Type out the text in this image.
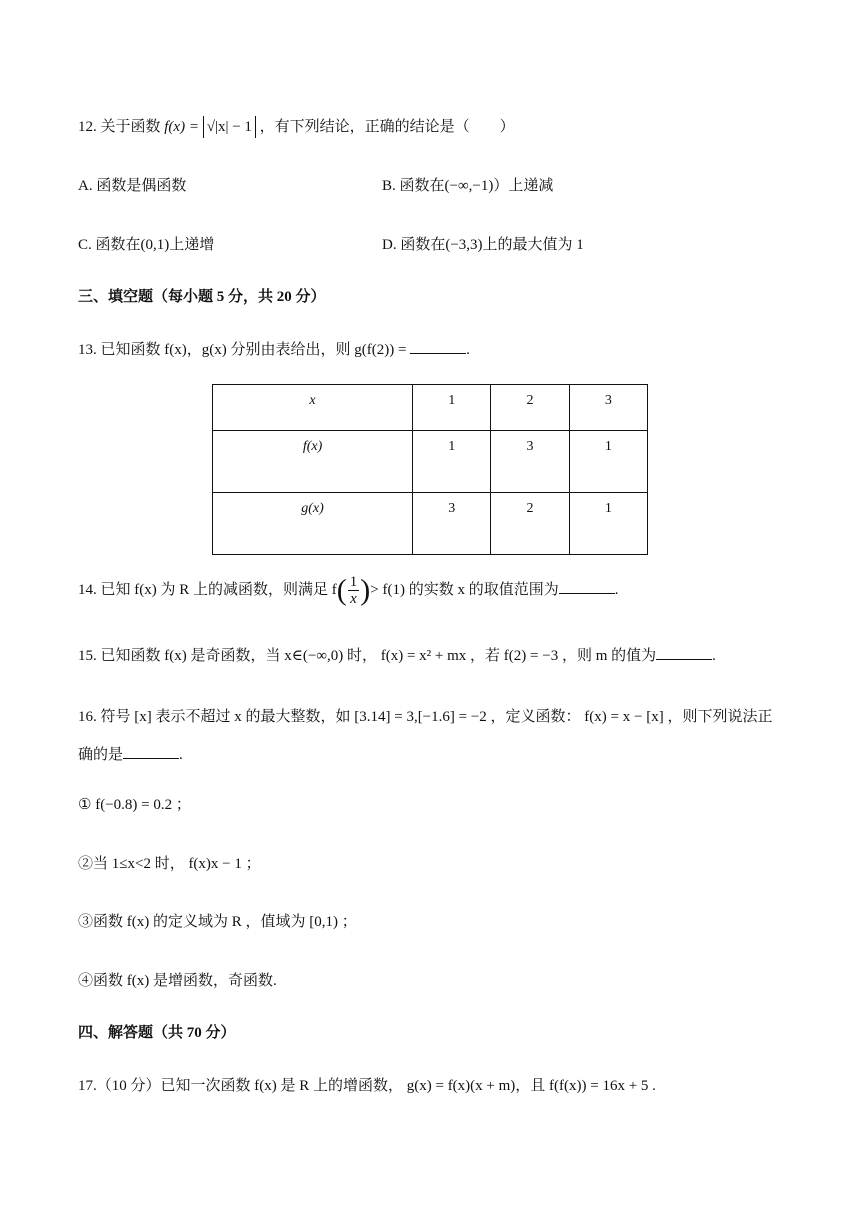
12. 关于函数 f(x) = √|x| − 1 ，有下列结论，正确的结论是（　　）
A. 函数是偶函数	B. 函数在(−∞,−1)）上递减
C. 函数在(0,1)上递增	D. 函数在(−3,3)上的最大值为 1
三、填空题（每小题 5 分，共 20 分）
13. 已知函数 f(x)，g(x) 分别由表给出，则 g(f(2)) =	.
x	1	2	3
f(x)	1	3	1
g(x)	3	2	1
14. 已知 f(x) 为 R 上的减函数，则满足 $f( \frac{1}{x}$ )> f(1) 的实数 x 的取值范围为	.
15. 已知函数 f(x) 是奇函数，当 x∈(−∞,0) 时， f(x) = x² + mx ，若 f(2) = −3 ，则 m 的值为	.
16. 符号 [x] 表示不超过 x 的最大整数，如 [3.14] = 3,[−1.6] = −2 ，定义函数： f(x) = x − [x] ，则下列说法正
确的是	.
① f(−0.8) = 0.2 ；
②当 1≤x<2 时， f(x)x − 1 ；
③函数 f(x) 的定义域为 R ，值域为 [0,1) ；
④函数 f(x) 是增函数，奇函数.
四、解答题（共 70 分）
17.（10 分）已知一次函数 f(x) 是 R 上的增函数， g(x) = f(x)(x + m)，且 f(f(x)) = 16x + 5 .
